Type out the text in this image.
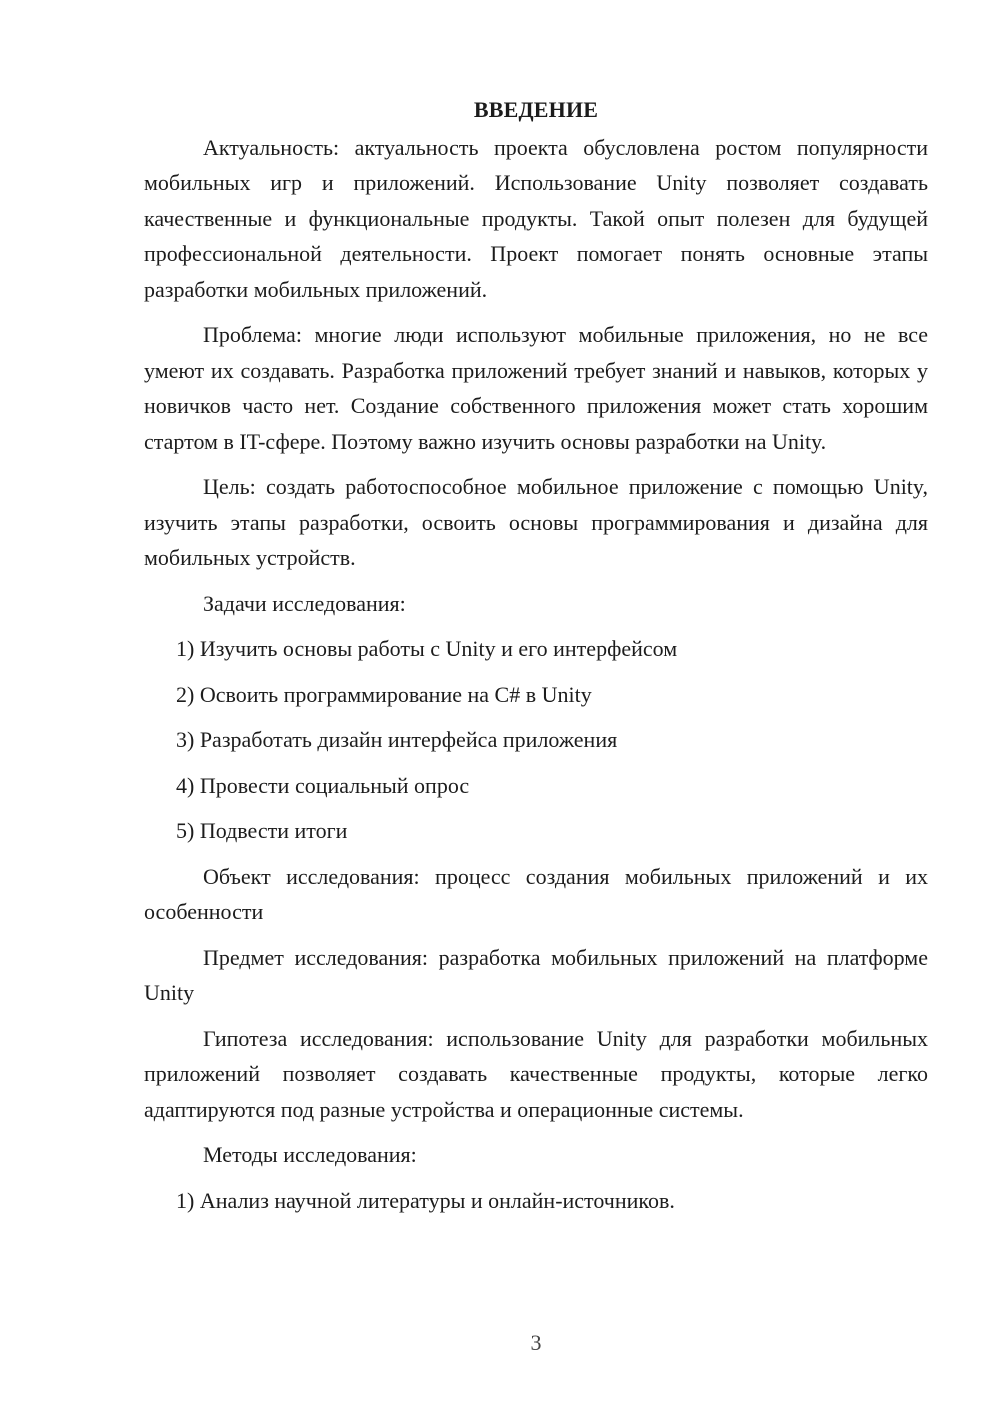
ВВЕДЕНИЕ

Актуальность: актуальность проекта обусловлена ростом популярности мобильных игр и приложений. Использование Unity позволяет создавать качественные и функциональные продукты. Такой опыт полезен для будущей профессиональной деятельности. Проект помогает понять основные этапы разработки мобильных приложений.

Проблема: многие люди используют мобильные приложения, но не все умеют их создавать. Разработка приложений требует знаний и навыков, которых у новичков часто нет. Создание собственного приложения может стать хорошим стартом в IT-сфере. Поэтому важно изучить основы разработки на Unity.

Цель: создать работоспособное мобильное приложение с помощью Unity, изучить этапы разработки, освоить основы программирования и дизайна для мобильных устройств.

Задачи исследования:

1) Изучить основы работы с Unity и его интерфейсом
2) Освоить программирование на C# в Unity
3) Разработать дизайн интерфейса приложения
4) Провести социальный опрос
5) Подвести итоги

Объект исследования: процесс создания мобильных приложений и их особенности

Предмет исследования: разработка мобильных приложений на платформе Unity

Гипотеза исследования: использование Unity для разработки мобильных приложений позволяет создавать качественные продукты, которые легко адаптируются под разные устройства и операционные системы.

Методы исследования:

1) Анализ научной литературы и онлайн-источников.
3
